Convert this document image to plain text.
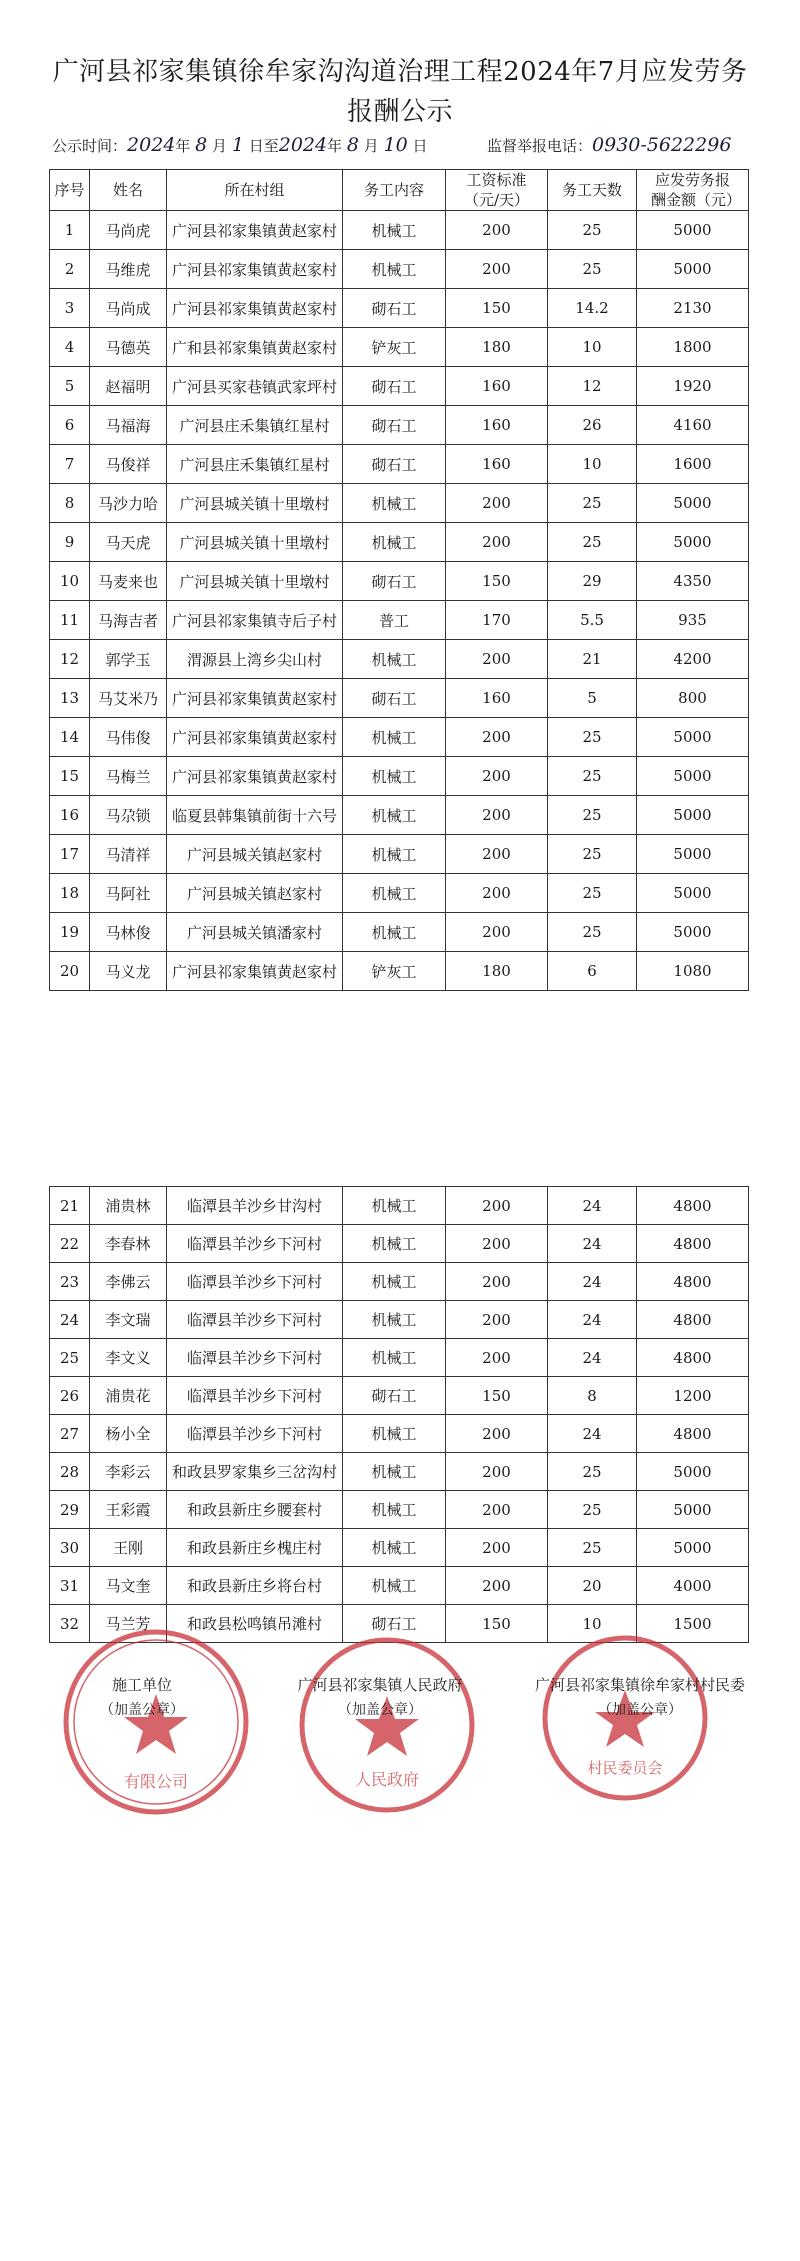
广河县祁家集镇徐牟家沟沟道治理工程2024年7月应发劳务报酬公示
公示时间：2024年 8 月 1 日至2024年 8 月 10 日	监督举报电话：0930-5622296
序号	姓名	所在村组	务工内容	工资标准（元/天）	务工天数	应发劳务报酬金额（元）
1	马尚虎	广河县祁家集镇黄赵家村	机械工	200	25	5000
2	马维虎	广河县祁家集镇黄赵家村	机械工	200	25	5000
3	马尚成	广河县祁家集镇黄赵家村	砌石工	150	14.2	2130
4	马德英	广和县祁家集镇黄赵家村	铲灰工	180	10	1800
5	赵福明	广河县买家巷镇武家坪村	砌石工	160	12	1920
6	马福海	广河县庄禾集镇红星村	砌石工	160	26	4160
7	马俊祥	广河县庄禾集镇红星村	砌石工	160	10	1600
8	马沙力哈	广河县城关镇十里墩村	机械工	200	25	5000
9	马天虎	广河县城关镇十里墩村	机械工	200	25	5000
10	马麦来也	广河县城关镇十里墩村	砌石工	150	29	4350
11	马海吉者	广河县祁家集镇寺后子村	普工	170	5.5	935
12	郭学玉	渭源县上湾乡尖山村	机械工	200	21	4200
13	马艾米乃	广河县祁家集镇黄赵家村	砌石工	160	5	800
14	马伟俊	广河县祁家集镇黄赵家村	机械工	200	25	5000
15	马梅兰	广河县祁家集镇黄赵家村	机械工	200	25	5000
16	马尕锁	临夏县韩集镇前街十六号	机械工	200	25	5000
17	马清祥	广河县城关镇赵家村	机械工	200	25	5000
18	马阿社	广河县城关镇赵家村	机械工	200	25	5000
19	马林俊	广河县城关镇潘家村	机械工	200	25	5000
20	马义龙	广河县祁家集镇黄赵家村	铲灰工	180	6	1080
21	浦贵林	临潭县羊沙乡甘沟村	机械工	200	24	4800
22	李春林	临潭县羊沙乡下河村	机械工	200	24	4800
23	李佛云	临潭县羊沙乡下河村	机械工	200	24	4800
24	李文瑞	临潭县羊沙乡下河村	机械工	200	24	4800
25	李文义	临潭县羊沙乡下河村	机械工	200	24	4800
26	浦贵花	临潭县羊沙乡下河村	砌石工	150	8	1200
27	杨小全	临潭县羊沙乡下河村	机械工	200	24	4800
28	李彩云	和政县罗家集乡三岔沟村	机械工	200	25	5000
29	王彩霞	和政县新庄乡腰套村	机械工	200	25	5000
30	王刚	和政县新庄乡槐庄村	机械工	200	25	5000
31	马文奎	和政县新庄乡将台村	机械工	200	20	4000
32	马兰芳	和政县松鸣镇吊滩村	砌石工	150	10	1500
有限公司	人民政府
村民委员会
施工单位
（加盖公章）
广河县祁家集镇人民政府
（加盖公章）
广河县祁家集镇徐牟家村村民委
（加盖公章）
